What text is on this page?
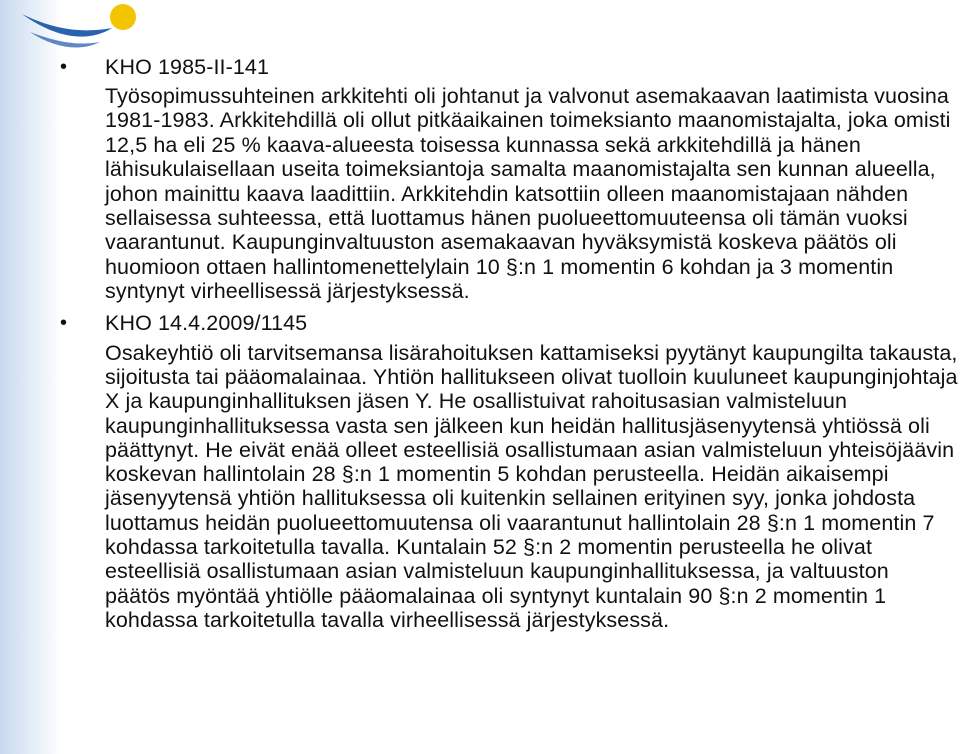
• KHO 1985-II-141
Työsopimussuhteinen arkkitehti oli johtanut ja valvonut asemakaavan laatimista vuosina 1981-1983. Arkkitehdillä oli ollut pitkäaikainen toimeksianto maanomistajalta, joka omisti 12,5 ha eli 25 % kaava-alueesta toisessa kunnassa sekä arkkitehdillä ja hänen lähisukulaisellaan useita toimeksiantoja samalta maanomistajalta sen kunnan alueella, johon mainittu kaava laadittiin. Arkkitehdin katsottiin olleen maanomistajaan nähden sellaisessa suhteessa, että luottamus hänen puolueettomuuteensa oli tämän vuoksi vaarantunut. Kaupunginvaltuuston asemakaavan hyväksymistä koskeva päätös oli huomioon ottaen hallintomenettelylain 10 §:n 1 momentin 6 kohdan ja 3 momentin syntynyt virheellisessä järjestyksessä.
• KHO 14.4.2009/1145
Osakeyhtiö oli tarvitsemansa lisärahoituksen kattamiseksi pyytänyt kaupungilta takausta, sijoitusta tai pääomalainaa. Yhtiön hallitukseen olivat tuolloin kuuluneet kaupunginjohtaja X ja kaupunginhallituksen jäsen Y. He osallistuivat rahoitusasian valmisteluun kaupunginhallituksessa vasta sen jälkeen kun heidän hallitusjäsenyytensä yhtiössä oli päättynyt. He eivät enää olleet esteellisiä osallistumaan asian valmisteluun yhteisöjäävin koskevan hallintolain 28 §:n 1 momentin 5 kohdan perusteella. Heidän aikaisempi jäsenyytensä yhtiön hallituksessa oli kuitenkin sellainen erityinen syy, jonka johdosta luottamus heidän puolueettomuutensa oli vaarantunut hallintolain 28 §:n 1 momentin 7 kohdassa tarkoitetulla tavalla. Kuntalain 52 §:n 2 momentin perusteella he olivat esteellisiä osallistumaan asian valmisteluun kaupunginhallituksessa, ja valtuuston päätös myöntää yhtiölle pääomalainaa oli syntynyt kuntalain 90 §:n 2 momentin 1 kohdassa tarkoitetulla tavalla virheellisessä järjestyksessä.
